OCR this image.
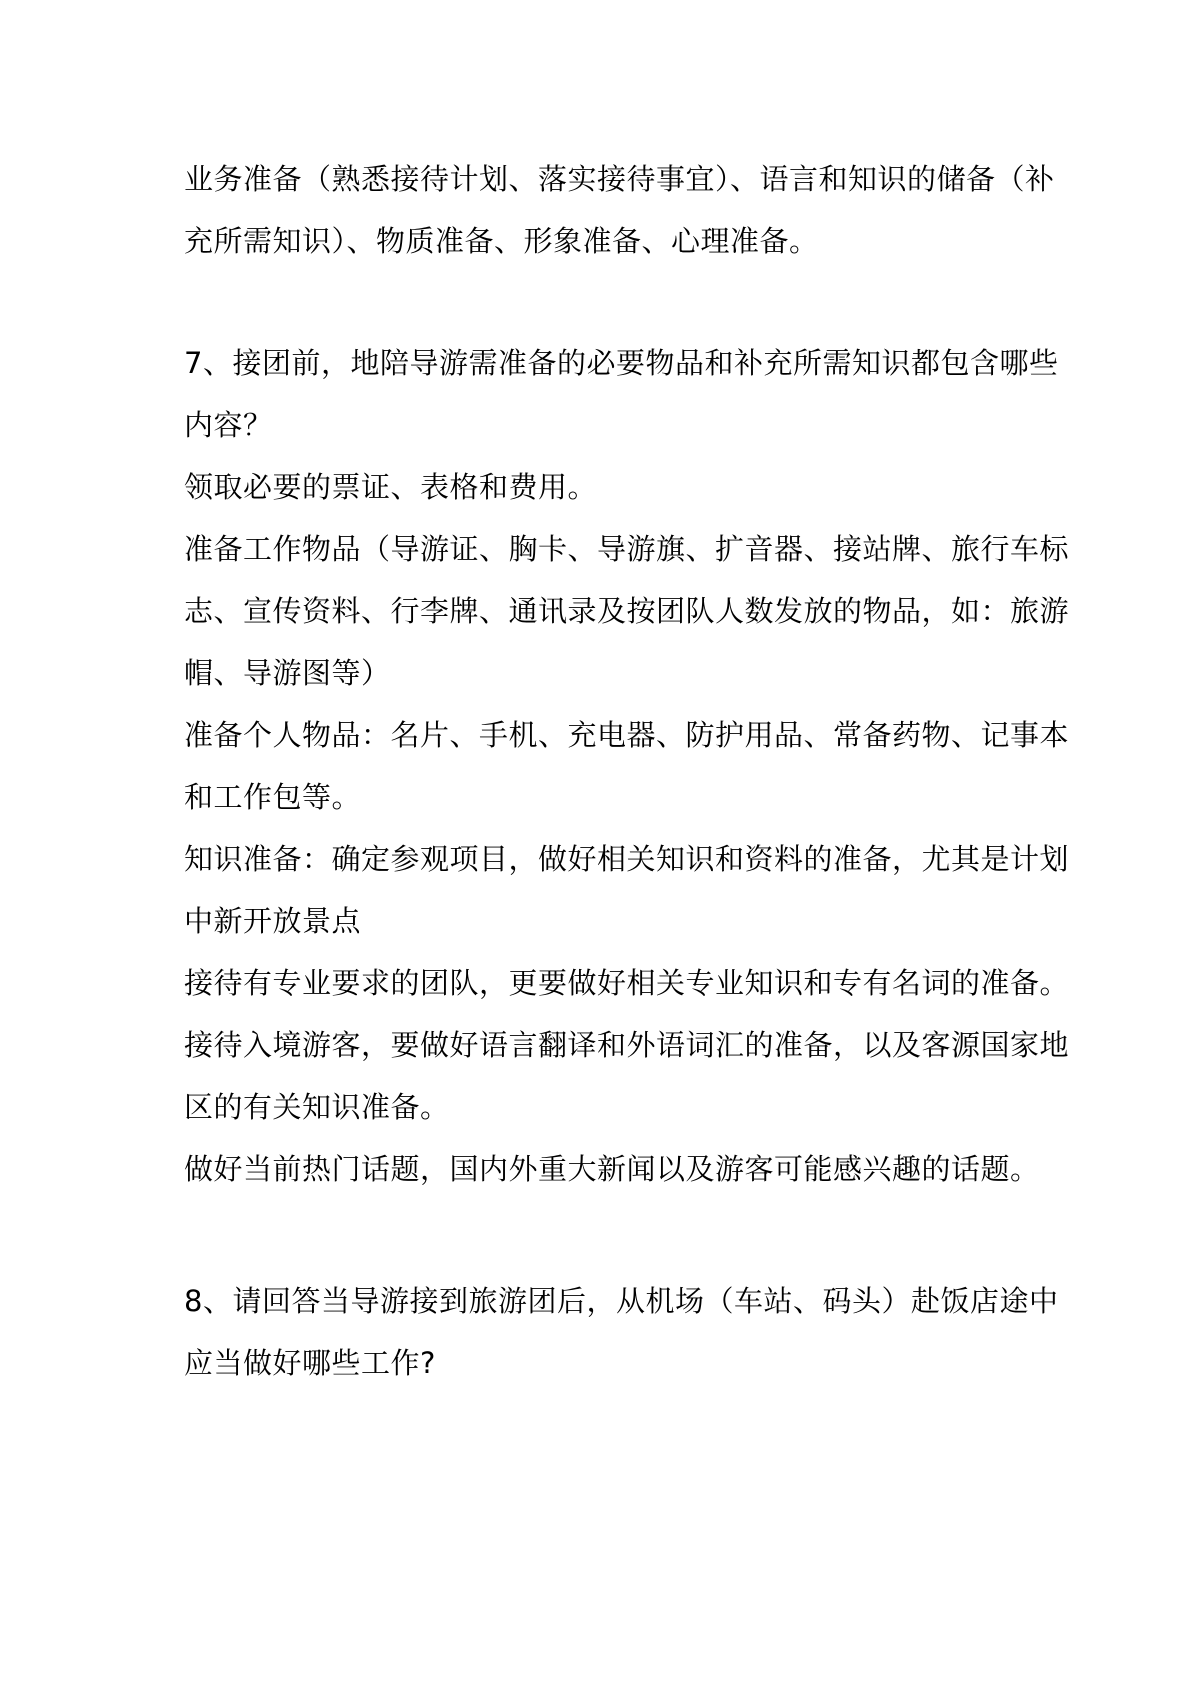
业务准备（熟悉接待计划、落实接待事宜）、语言和知识的储备（补

充所需知识）、物质准备、形象准备、心理准备。

7、接团前，地陪导游需准备的必要物品和补充所需知识都包含哪些

内容？

领取必要的票证、表格和费用。

准备工作物品（导游证、胸卡、导游旗、扩音器、接站牌、旅行车标

志、宣传资料、行李牌、通讯录及按团队人数发放的物品，如：旅游

帽、导游图等）

准备个人物品：名片、手机、充电器、防护用品、常备药物、记事本

和工作包等。

知识准备：确定参观项目，做好相关知识和资料的准备，尤其是计划

中新开放景点

接待有专业要求的团队，更要做好相关专业知识和专有名词的准备。

接待入境游客，要做好语言翻译和外语词汇的准备，以及客源国家地

区的有关知识准备。

做好当前热门话题，国内外重大新闻以及游客可能感兴趣的话题。

8、请回答当导游接到旅游团后，从机场（车站、码头）赴饭店途中

应当做好哪些工作?
